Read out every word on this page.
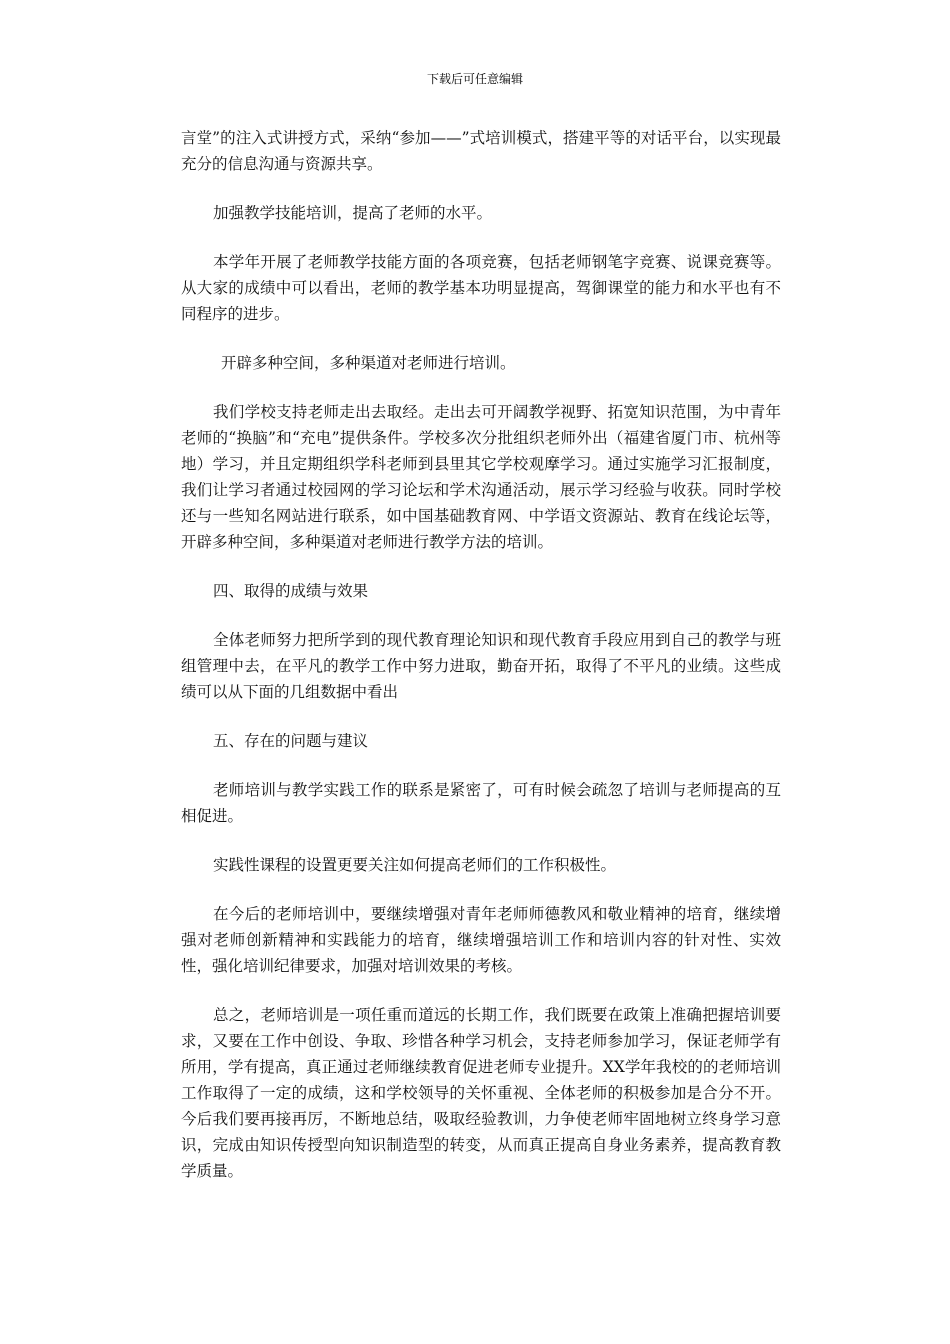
下载后可任意编辑

言堂”的注入式讲授方式，采纳“参加——”式培训模式，搭建平等的对话平台，以实现最充分的信息沟通与资源共享。

加强教学技能培训，提高了老师的水平。

本学年开展了老师教学技能方面的各项竞赛，包括老师钢笔字竞赛、说课竞赛等。从大家的成绩中可以看出，老师的教学基本功明显提高，驾御课堂的能力和水平也有不同程序的进步。

开辟多种空间，多种渠道对老师进行培训。

我们学校支持老师走出去取经。走出去可开阔教学视野、拓宽知识范围，为中青年老师的“换脑”和“充电”提供条件。学校多次分批组织老师外出（福建省厦门市、杭州等地）学习，并且定期组织学科老师到县里其它学校观摩学习。通过实施学习汇报制度，我们让学习者通过校园网的学习论坛和学术沟通活动，展示学习经验与收获。同时学校还与一些知名网站进行联系，如中国基础教育网、中学语文资源站、教育在线论坛等，开辟多种空间，多种渠道对老师进行教学方法的培训。

四、取得的成绩与效果

全体老师努力把所学到的现代教育理论知识和现代教育手段应用到自己的教学与班组管理中去，在平凡的教学工作中努力进取，勤奋开拓，取得了不平凡的业绩。这些成绩可以从下面的几组数据中看出

五、存在的问题与建议

老师培训与教学实践工作的联系是紧密了，可有时候会疏忽了培训与老师提高的互相促进。

实践性课程的设置更要关注如何提高老师们的工作积极性。

在今后的老师培训中，要继续增强对青年老师师德教风和敬业精神的培育，继续增强对老师创新精神和实践能力的培育，继续增强培训工作和培训内容的针对性、实效性，强化培训纪律要求，加强对培训效果的考核。

总之，老师培训是一项任重而道远的长期工作，我们既要在政策上准确把握培训要求，又要在工作中创设、争取、珍惜各种学习机会，支持老师参加学习，保证老师学有所用，学有提高，真正通过老师继续教育促进老师专业提升。XX学年我校的的老师培训工作取得了一定的成绩，这和学校领导的关怀重视、全体老师的积极参加是合分不开。今后我们要再接再厉，不断地总结，吸取经验教训，力争使老师牢固地树立终身学习意识，完成由知识传授型向知识制造型的转变，从而真正提高自身业务素养，提高教育教学质量。
